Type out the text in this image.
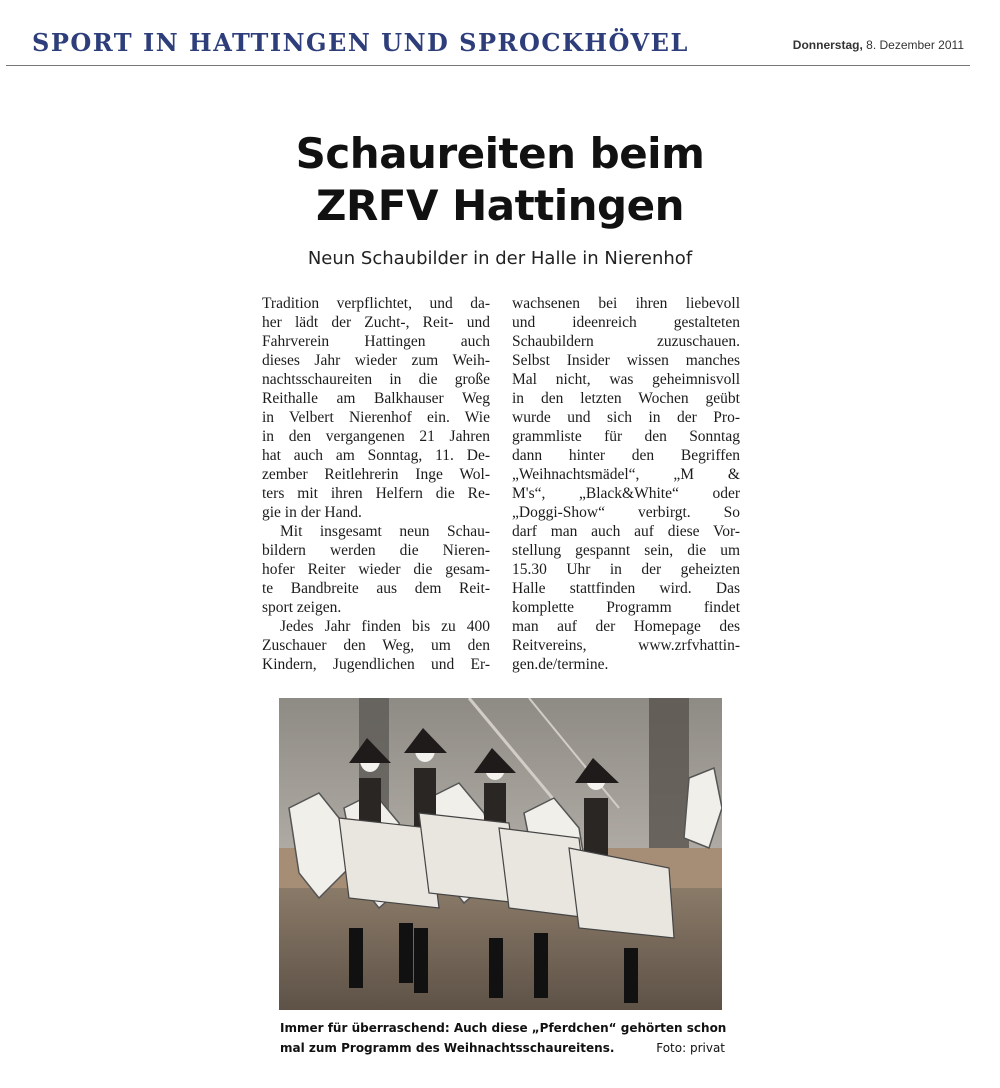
SPORT IN HATTINGEN UND SPROCKHÖVEL	Donnerstag, 8. Dezember 2011
Schaureiten beim
ZRFV Hattingen
Neun Schaubilder in der Halle in Nierenhof
Tradition verpflichtet, und da-
her lädt der Zucht-, Reit- und
Fahrverein Hattingen auch
dieses Jahr wieder zum Weih-
nachtsschaureiten in die große
Reithalle am Balkhauser Weg
in Velbert Nierenhof ein. Wie
in den vergangenen 21 Jahren
hat auch am Sonntag, 11. De-
zember Reitlehrerin Inge Wol-
ters mit ihren Helfern die Re-
gie in der Hand.
Mit insgesamt neun Schau-
bildern werden die Nieren-
hofer Reiter wieder die gesam-
te Bandbreite aus dem Reit-
sport zeigen.
Jedes Jahr finden bis zu 400
Zuschauer den Weg, um den
Kindern, Jugendlichen und Er-
wachsenen bei ihren liebevoll
und ideenreich gestalteten
Schaubildern zuzuschauen.
Selbst Insider wissen manches
Mal nicht, was geheimnisvoll
in den letzten Wochen geübt
wurde und sich in der Pro-
grammliste für den Sonntag
dann hinter den Begriffen
„Weihnachtsmädel“, „M &
M's“, „Black&White“ oder
„Doggi-Show“ verbirgt. So
darf man auch auf diese Vor-
stellung gespannt sein, die um
15.30 Uhr in der geheizten
Halle stattfinden wird. Das
komplette Programm findet
man auf der Homepage des
Reitvereins, www.zrfvhattin-
gen.de/termine.
Immer für überraschend: Auch diese „Pferdchen“ gehörten schon
mal zum Programm des Weihnachtsschaureitens.	Foto: privat
